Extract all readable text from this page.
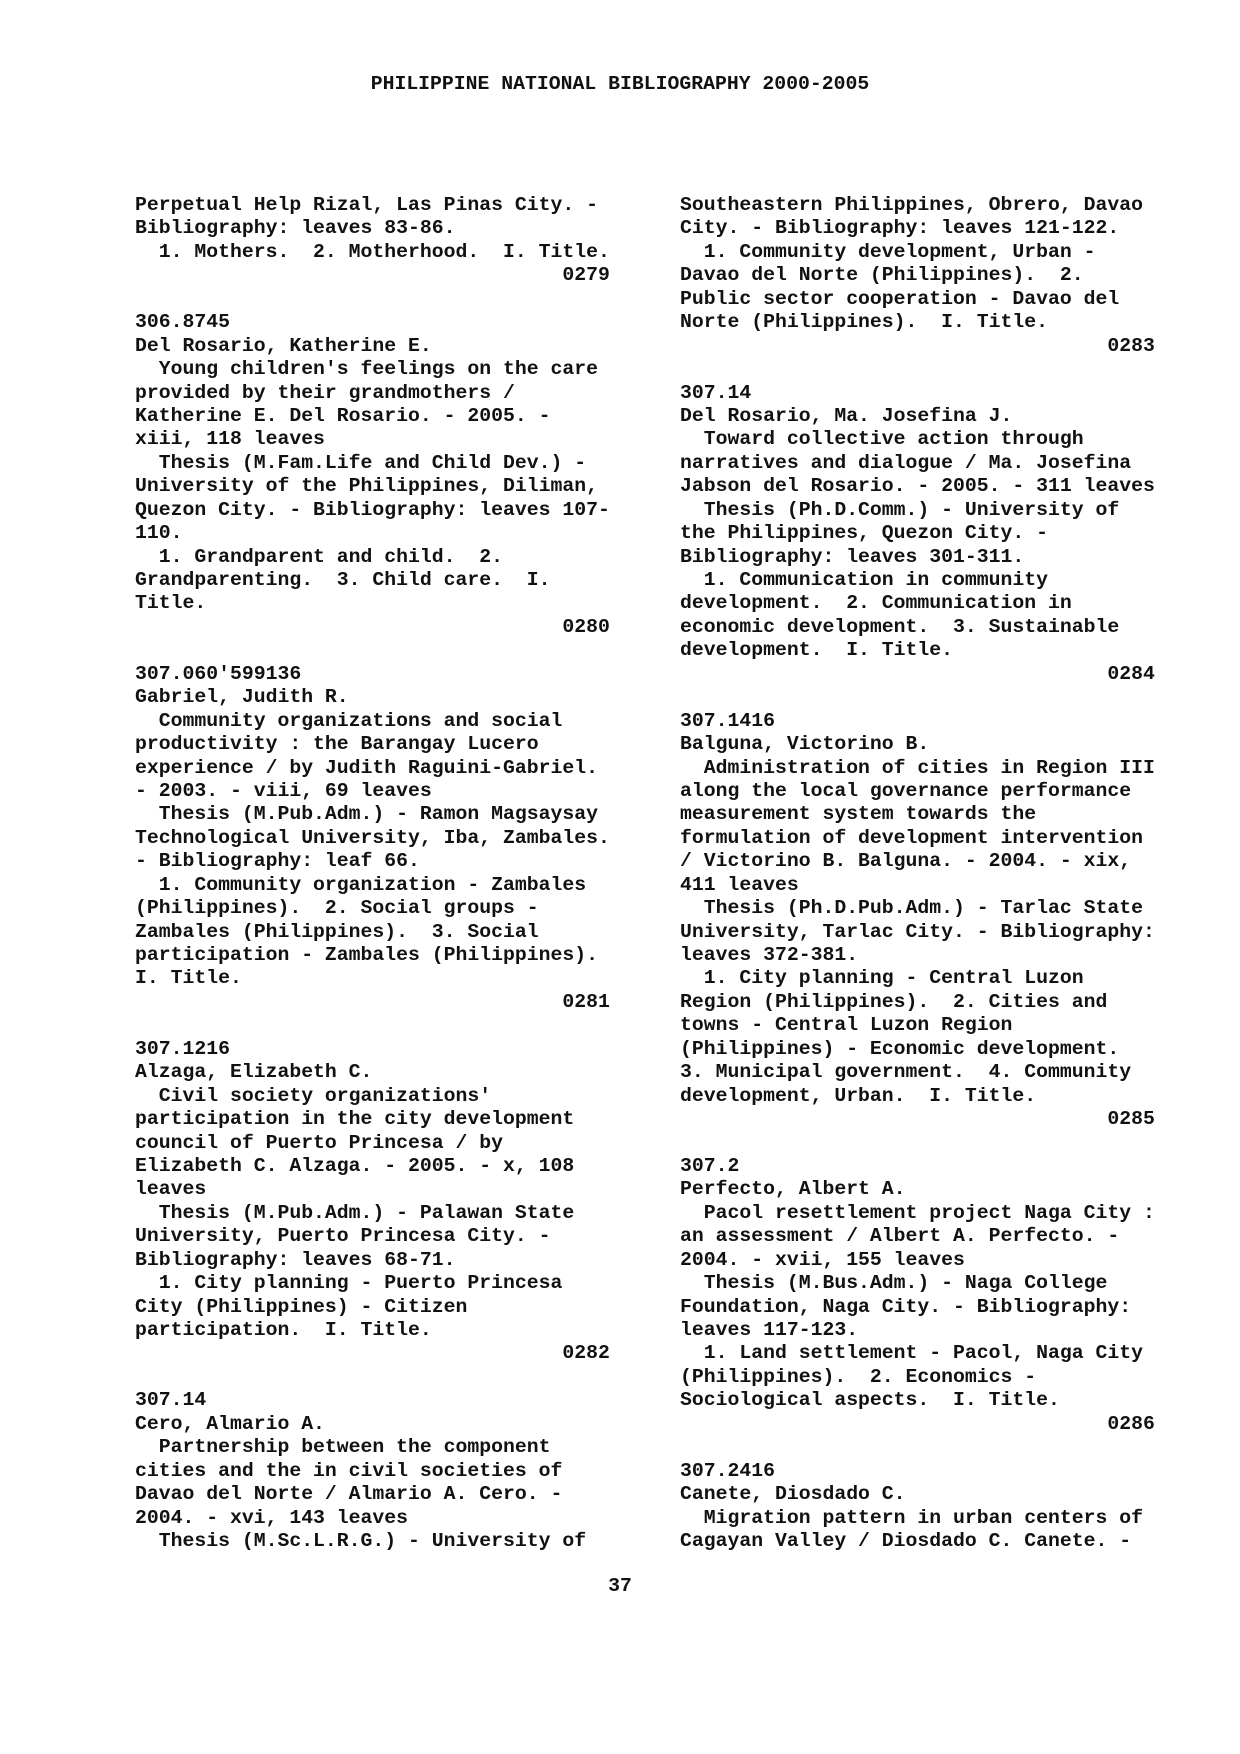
PHILIPPINE NATIONAL BIBLIOGRAPHY 2000-2005
Perpetual Help Rizal, Las Pinas City. -
Bibliography: leaves 83-86.
1. Mothers.  2. Motherhood.  I. Title.
0279
306.8745
Del Rosario, Katherine E.
Young children's feelings on the care
provided by their grandmothers /
Katherine E. Del Rosario. - 2005. -
xiii, 118 leaves
Thesis (M.Fam.Life and Child Dev.) -
University of the Philippines, Diliman,
Quezon City. - Bibliography: leaves 107-
110.
1. Grandparent and child.  2.
Grandparenting.  3. Child care.  I.
Title.
0280
307.060'599136
Gabriel, Judith R.
Community organizations and social
productivity : the Barangay Lucero
experience / by Judith Raguini-Gabriel.
- 2003. - viii, 69 leaves
Thesis (M.Pub.Adm.) - Ramon Magsaysay
Technological University, Iba, Zambales.
- Bibliography: leaf 66.
1. Community organization - Zambales
(Philippines).  2. Social groups -
Zambales (Philippines).  3. Social
participation - Zambales (Philippines).
I. Title.
0281
307.1216
Alzaga, Elizabeth C.
Civil society organizations'
participation in the city development
council of Puerto Princesa / by
Elizabeth C. Alzaga. - 2005. - x, 108
leaves
Thesis (M.Pub.Adm.) - Palawan State
University, Puerto Princesa City. -
Bibliography: leaves 68-71.
1. City planning - Puerto Princesa
City (Philippines) - Citizen
participation.  I. Title.
0282
307.14
Cero, Almario A.
Partnership between the component
cities and the in civil societies of
Davao del Norte / Almario A. Cero. -
2004. - xvi, 143 leaves
Thesis (M.Sc.L.R.G.) - University of
Southeastern Philippines, Obrero, Davao
City. - Bibliography: leaves 121-122.
1. Community development, Urban -
Davao del Norte (Philippines).  2.
Public sector cooperation - Davao del
Norte (Philippines).  I. Title.
0283
307.14
Del Rosario, Ma. Josefina J.
Toward collective action through
narratives and dialogue / Ma. Josefina
Jabson del Rosario. - 2005. - 311 leaves
Thesis (Ph.D.Comm.) - University of
the Philippines, Quezon City. -
Bibliography: leaves 301-311.
1. Communication in community
development.  2. Communication in
economic development.  3. Sustainable
development.  I. Title.
0284
307.1416
Balguna, Victorino B.
Administration of cities in Region III
along the local governance performance
measurement system towards the
formulation of development intervention
/ Victorino B. Balguna. - 2004. - xix,
411 leaves
Thesis (Ph.D.Pub.Adm.) - Tarlac State
University, Tarlac City. - Bibliography:
leaves 372-381.
1. City planning - Central Luzon
Region (Philippines).  2. Cities and
towns - Central Luzon Region
(Philippines) - Economic development.
3. Municipal government.  4. Community
development, Urban.  I. Title.
0285
307.2
Perfecto, Albert A.
Pacol resettlement project Naga City :
an assessment / Albert A. Perfecto. -
2004. - xvii, 155 leaves
Thesis (M.Bus.Adm.) - Naga College
Foundation, Naga City. - Bibliography:
leaves 117-123.
1. Land settlement - Pacol, Naga City
(Philippines).  2. Economics -
Sociological aspects.  I. Title.
0286
307.2416
Canete, Diosdado C.
Migration pattern in urban centers of
Cagayan Valley / Diosdado C. Canete. -
37
